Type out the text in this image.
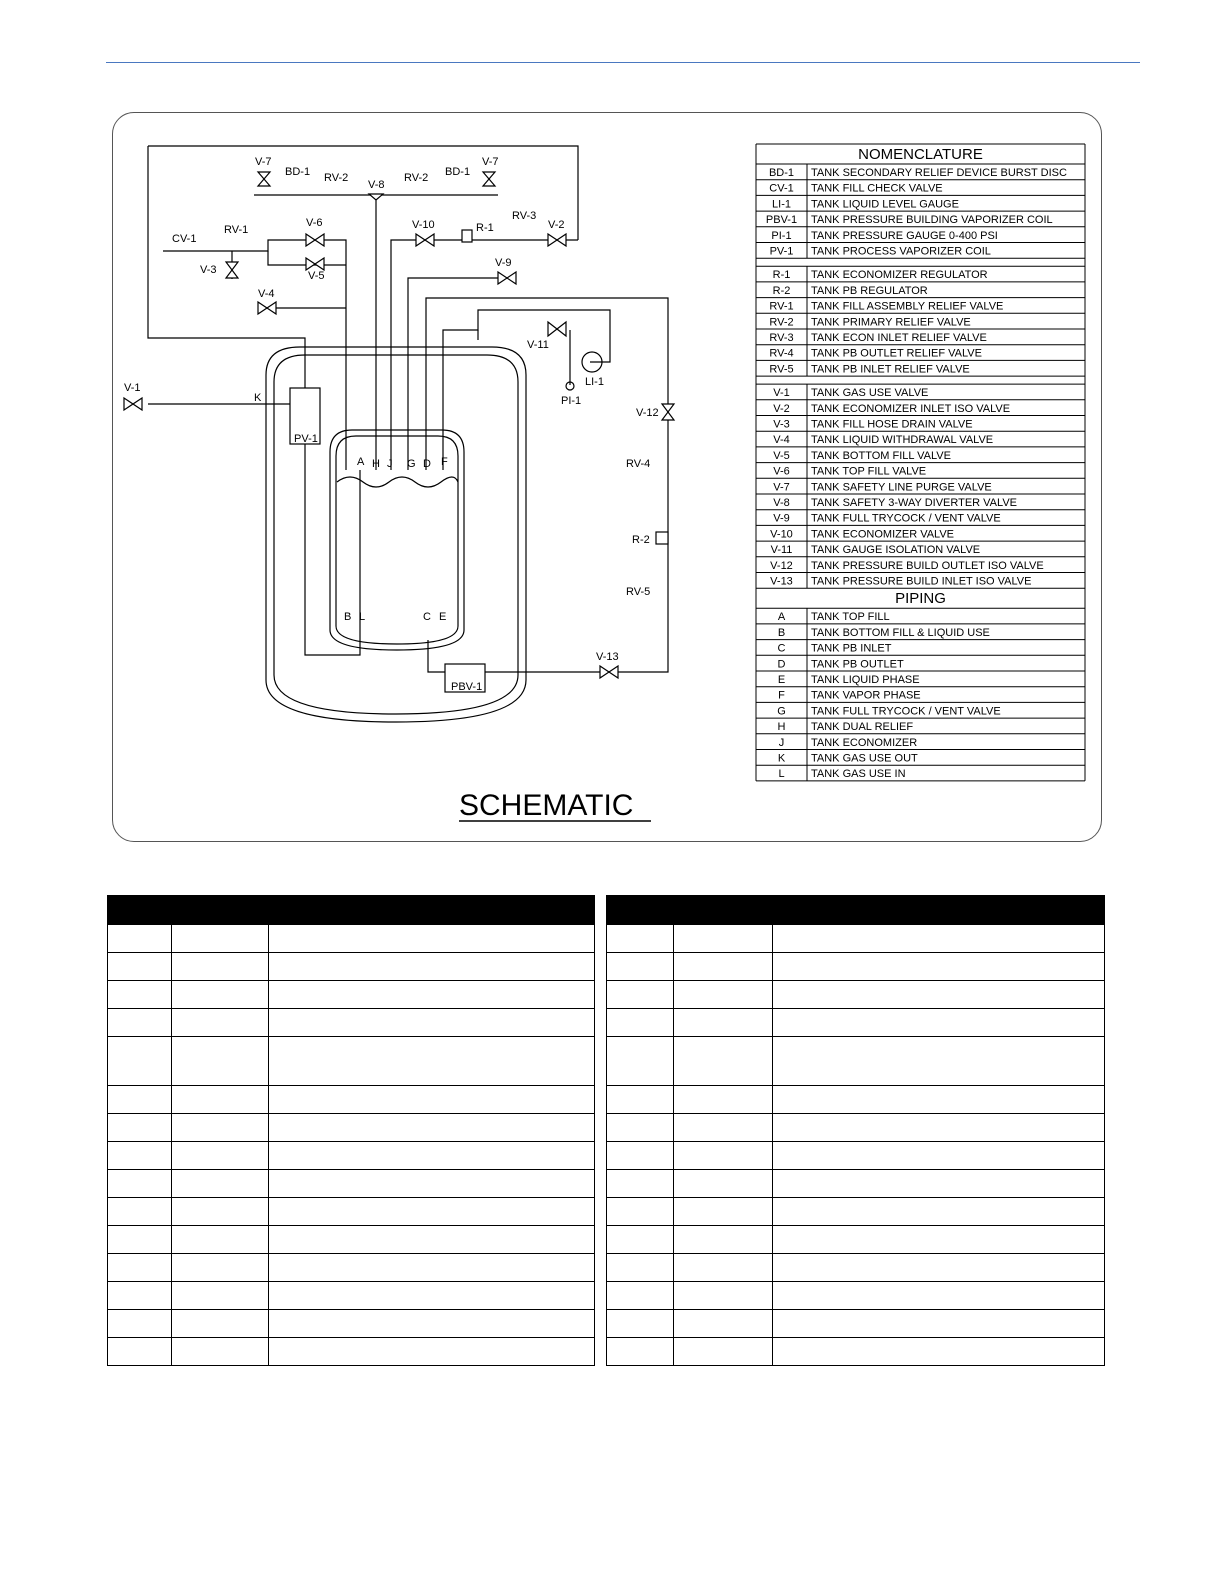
V-7
BD-1 RV-2
V-8
RV-2 BD-1
V-7
CV-1
RV-1
V-3
V-6
V-5
V-10	R-1
RV-3
V-2
V-9
V-4
V-11
LI-1
PI-1
V-1
K
PV-1
V-12
RV-4
R-2
RV-5
V-13
PBV-1
A H J G D F
B L	C E
SCHEMATIC
NOMENCLATURE
BD-1 TANK SECONDARY RELIEF DEVICE BURST DISC
CV-1 TANK FILL CHECK VALVE
LI-1 TANK LIQUID LEVEL GAUGE
PBV-1 TANK PRESSURE BUILDING VAPORIZER COIL
PI-1 TANK PRESSURE GAUGE 0-400 PSI
PV-1 TANK PROCESS VAPORIZER COIL
R-1 TANK ECONOMIZER REGULATOR
R-2 TANK PB REGULATOR
RV-1 TANK FILL ASSEMBLY RELIEF VALVE
RV-2 TANK PRIMARY RELIEF VALVE
RV-3 TANK ECON INLET RELIEF VALVE
RV-4 TANK PB OUTLET RELIEF VALVE
RV-5 TANK PB INLET RELIEF VALVE
V-1 TANK GAS USE VALVE
V-2 TANK ECONOMIZER INLET ISO VALVE
V-3 TANK FILL HOSE DRAIN VALVE
V-4 TANK LIQUID WITHDRAWAL VALVE
V-5 TANK BOTTOM FILL VALVE
V-6 TANK TOP FILL VALVE
V-7 TANK SAFETY LINE PURGE VALVE
V-8 TANK SAFETY 3-WAY DIVERTER VALVE
V-9 TANK FULL TRYCOCK / VENT VALVE
V-10 TANK ECONOMIZER VALVE
V-11 TANK GAUGE ISOLATION VALVE
V-12 TANK PRESSURE BUILD OUTLET ISO VALVE
V-13 TANK PRESSURE BUILD INLET ISO VALVE
PIPING
A TANK TOP FILL
B TANK BOTTOM FILL & LIQUID USE
C TANK PB INLET
D TANK PB OUTLET
E TANK LIQUID PHASE
F TANK VAPOR PHASE
G TANK FULL TRYCOCK / VENT VALVE
H TANK DUAL RELIEF
J TANK ECONOMIZER
K TANK GAS USE OUT
L TANK GAS USE IN
